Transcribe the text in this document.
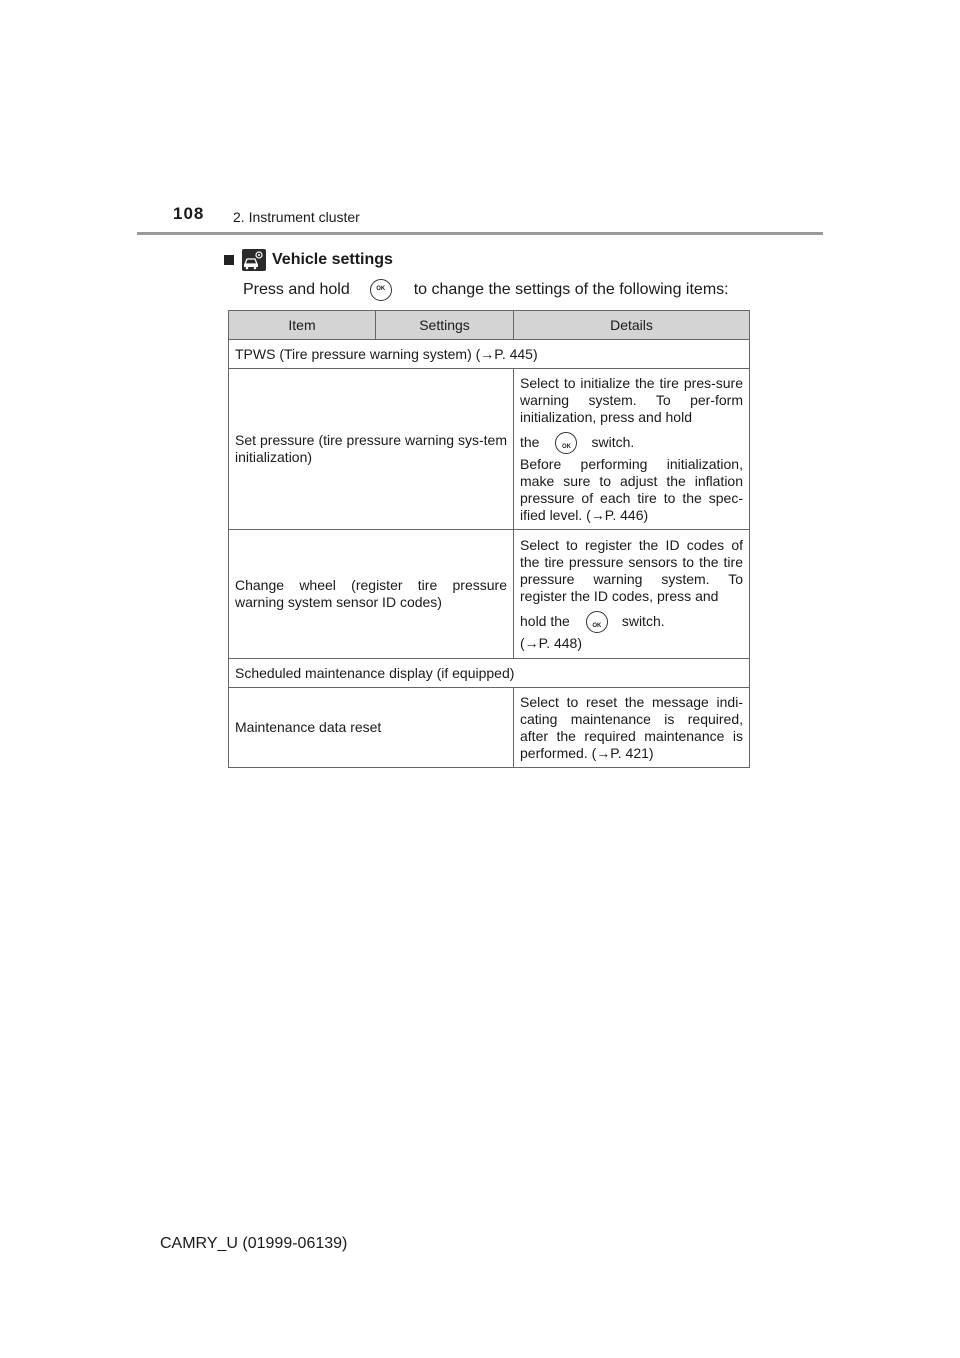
108 2. Instrument cluster
Vehicle settings
Press and hold OK	to change the settings of the following items:
Item	Settings	Details
TPWS (Tire pressure warning system) (→P. 445)		
Set pressure (tire pressure warning sys-tem initialization)		Select to initialize the tire pres-sure warning system. To per-form initialization, press and hold

the OK switch.

Before performing initialization, make sure to adjust the inflation pressure of each tire to the spec-ified level. (→P. 446)

Change wheel (register tire pressure warning system sensor ID codes)		Select to register the ID codes of the tire pressure sensors to the tire pressure warning system. To register the ID codes, press and

hold the OK switch.

(→P. 448)

Scheduled maintenance display (if equipped)		
Maintenance data reset		Select to reset the message indi-cating maintenance is required, after the required maintenance is performed. (→P. 421)
CAMRY_U (01999-06139)
